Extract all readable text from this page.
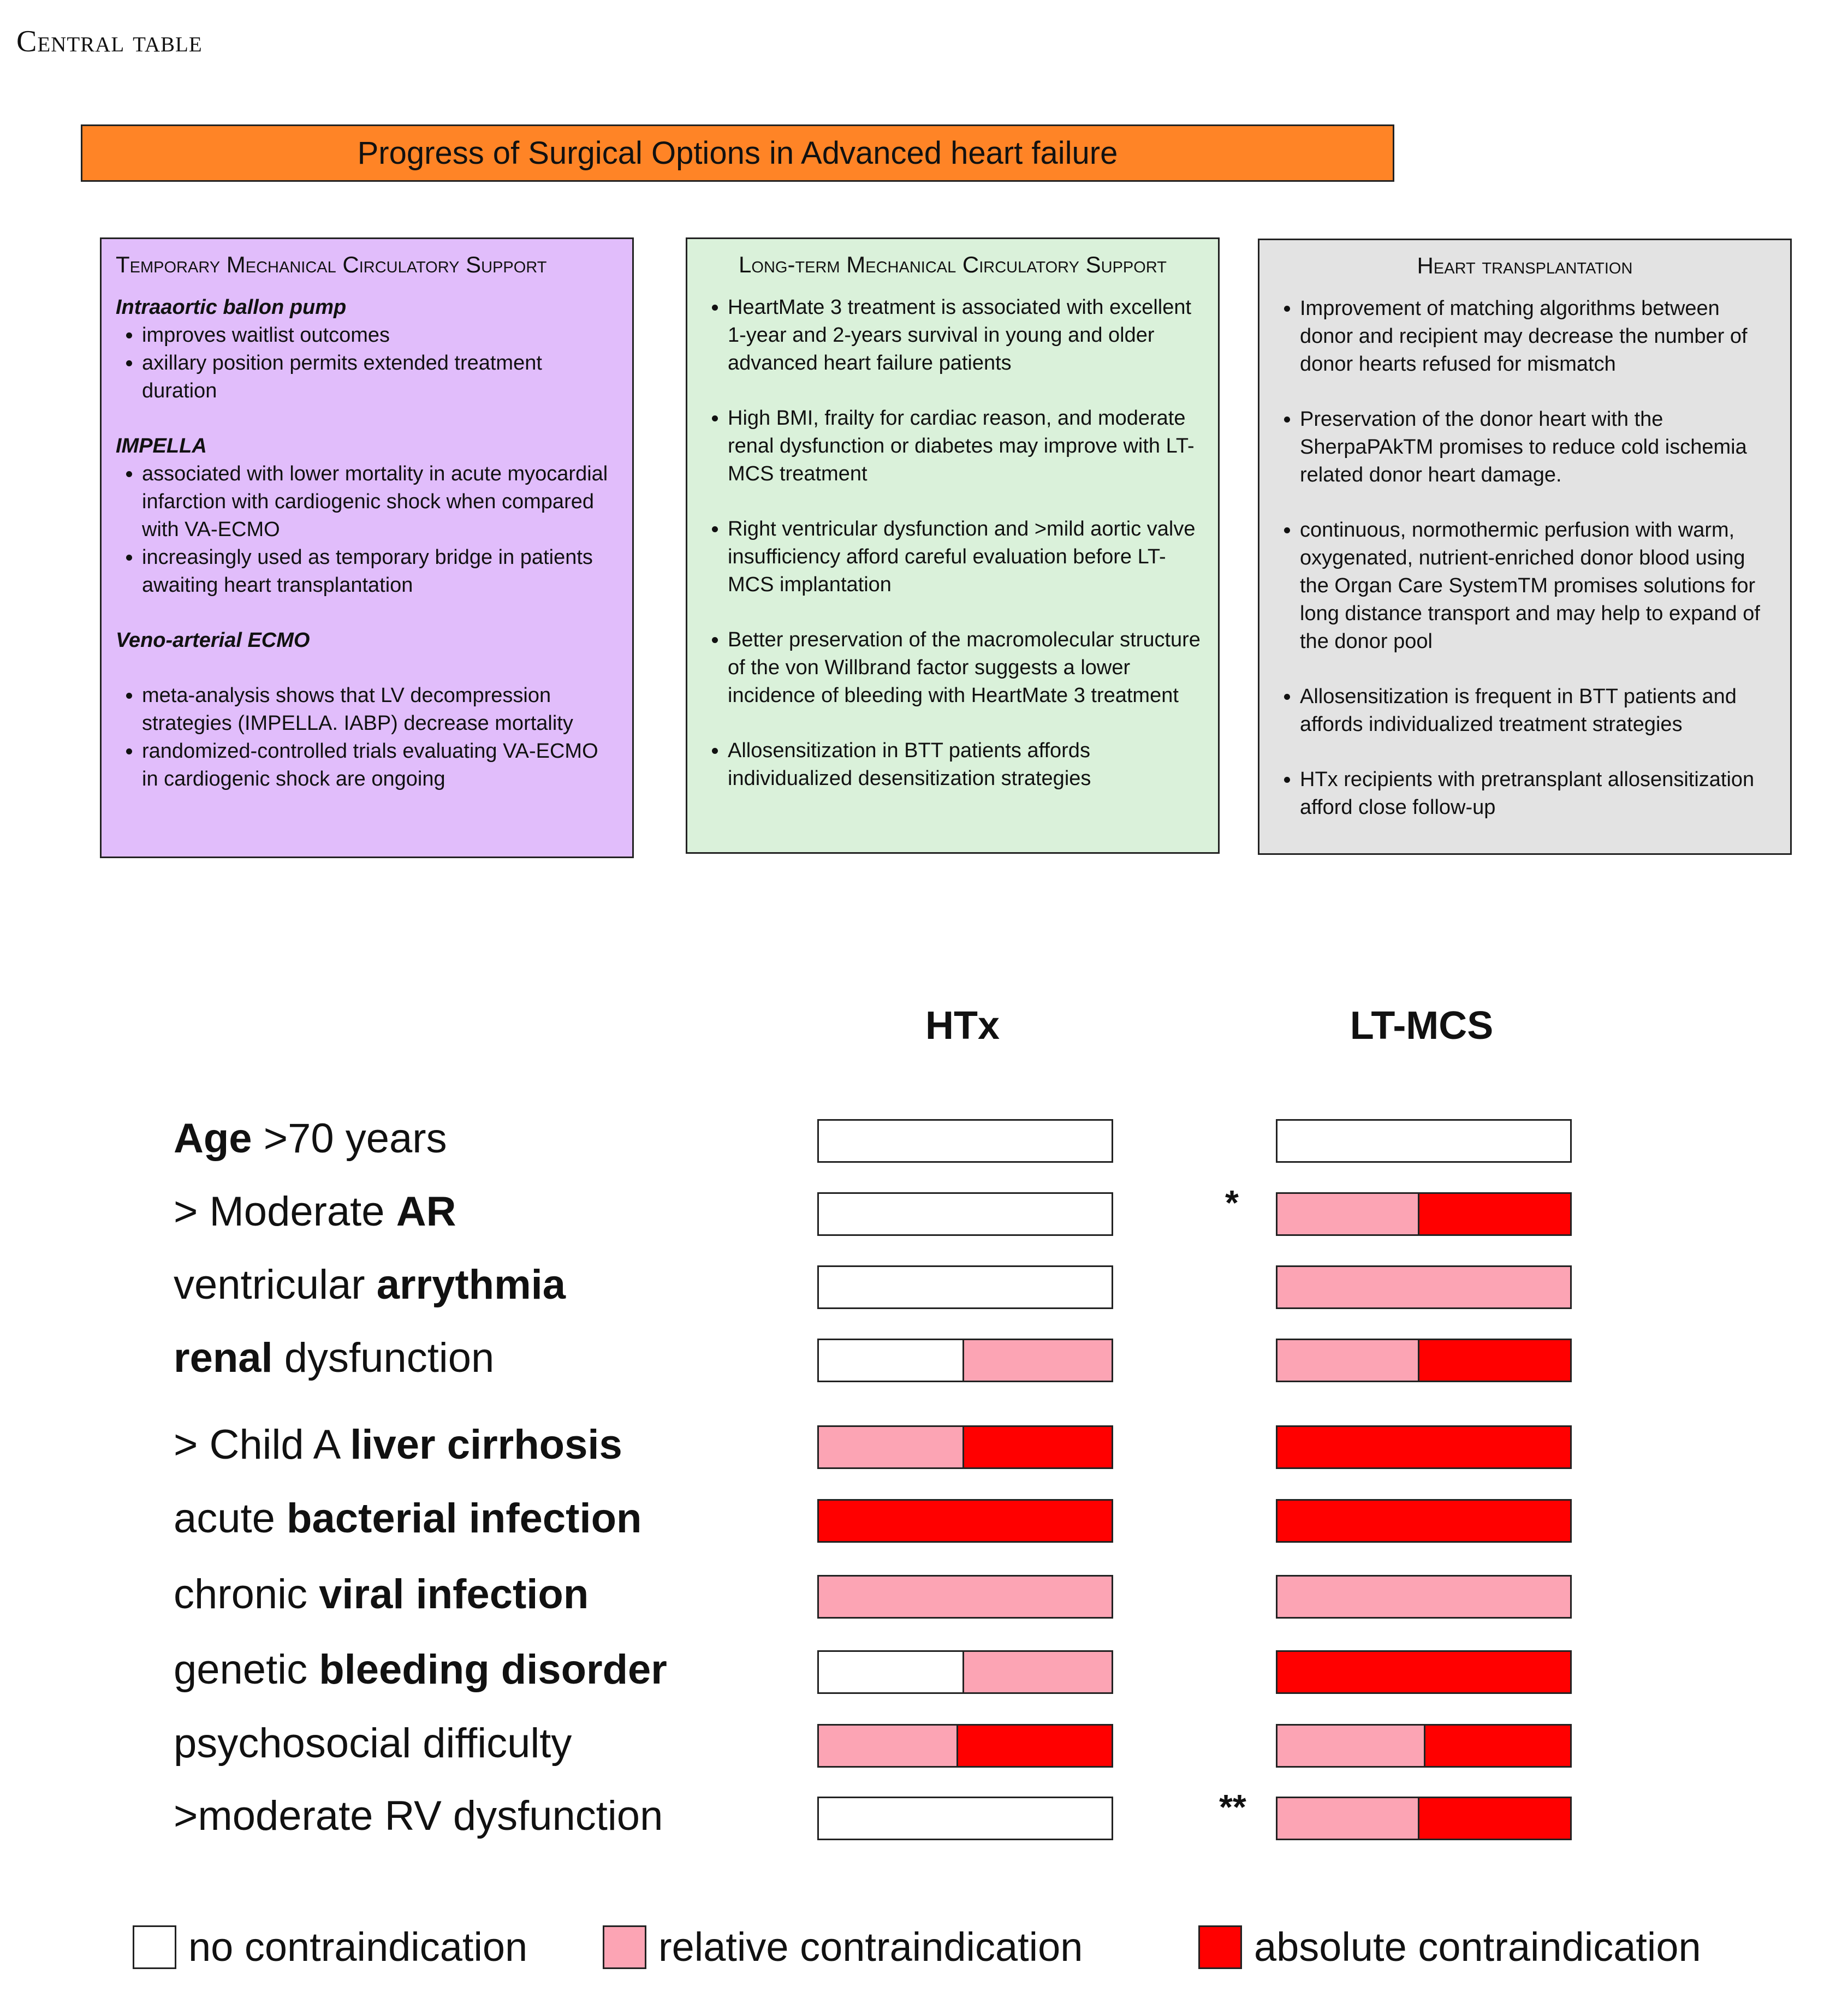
Central table
Progress of Surgical Options in Advanced heart failure
Temporary Mechanical Circulatory Support
Intraaortic ballon pump
• improves waitlist outcomes
• axillary position permits extended treatment duration
IMPELLA
• associated with lower mortality in acute myocardial infarction with cardiogenic shock when compared with VA-ECMO
• increasingly used as temporary bridge in patients awaiting heart transplantation
Veno-arterial ECMO
• meta-analysis shows that LV decompression strategies (IMPELLA. IABP) decrease mortality
• randomized-controlled trials evaluating VA-ECMO in cardiogenic shock are ongoing
Long-term Mechanical Circulatory Support
• HeartMate 3 treatment is associated with excellent 1-year and 2-years survival in young and older advanced heart failure patients
• High BMI, frailty for cardiac reason, and moderate renal dysfunction or diabetes may improve with LT-MCS treatment
• Right ventricular dysfunction and >mild aortic valve insufficiency afford careful evaluation before LT-MCS implantation
• Better preservation of the macromolecular structure of the von Willbrand factor suggests a lower incidence of bleeding with HeartMate 3 treatment
• Allosensitization in BTT patients affords individualized desensitization strategies
Heart transplantation
• Improvement of matching algorithms between donor and recipient may decrease the number of donor hearts refused for mismatch
• Preservation of the donor heart with the SherpaPAkTM promises to reduce cold ischemia related donor heart damage.
• continuous, normothermic perfusion with warm, oxygenated, nutrient-enriched donor blood using the Organ Care SystemTM promises solutions for long distance transport and may help to expand of the donor pool
• Allosensitization is frequent in BTT patients and affords individualized treatment strategies
• HTx recipients with pretransplant allosensitization afford close follow-up
HTx	LT-MCS
Age >70 years
> Moderate AR	*
ventricular arrythmia
renal dysfunction
> Child A liver cirrhosis
acute bacterial infection
chronic viral infection
genetic bleeding disorder
psychosocial difficulty
>moderate RV dysfunction	**
no contraindication	relative contraindication	absolute contraindication
